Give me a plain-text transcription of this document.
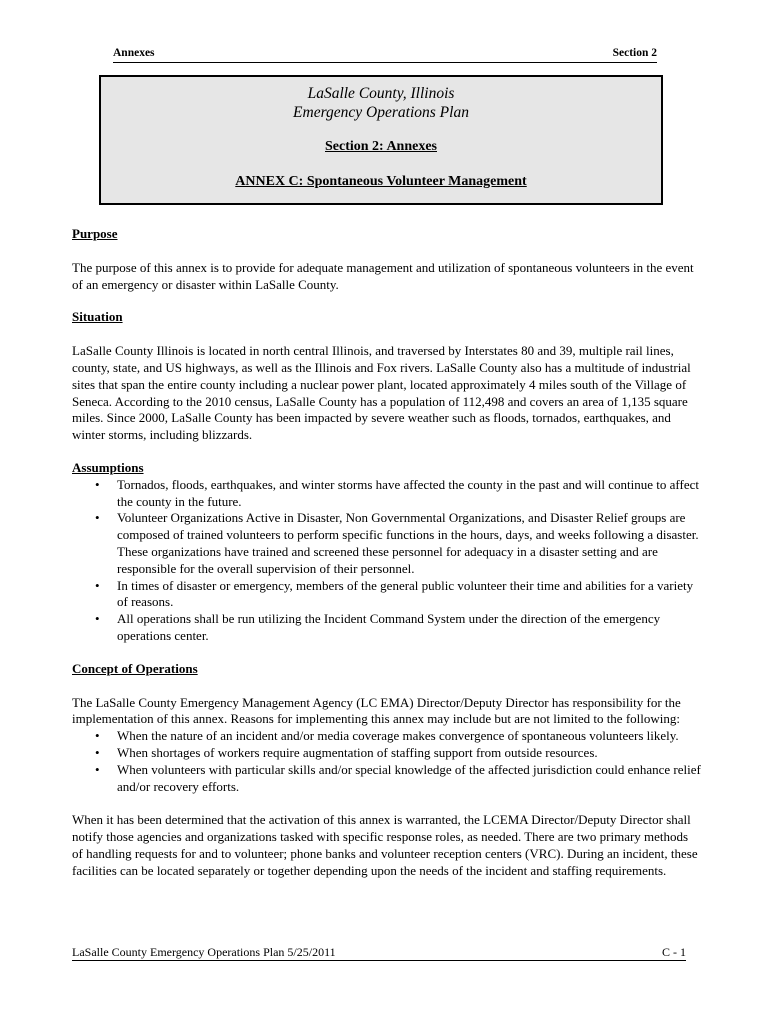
Annexes	Section 2
LaSalle County, Illinois
Emergency Operations Plan
Section 2: Annexes
ANNEX C: Spontaneous Volunteer Management

Purpose

The purpose of this annex is to provide for adequate management and utilization of spontaneous volunteers in the event of an emergency or disaster within LaSalle County.

Situation

LaSalle County Illinois is located in north central Illinois, and traversed by Interstates 80 and 39, multiple rail lines, county, state, and US highways, as well as the Illinois and Fox rivers. LaSalle County also has a multitude of industrial sites that span the entire county including a nuclear power plant, located approximately 4 miles south of the Village of Seneca. According to the 2010 census, LaSalle County has a population of 112,498 and covers an area of 1,135 square miles. Since 2000, LaSalle County has been impacted by severe weather such as floods, tornados, earthquakes, and winter storms, including blizzards.

Assumptions

• Tornados, floods, earthquakes, and winter storms have affected the county in the past and will continue to affect the county in the future.
• Volunteer Organizations Active in Disaster, Non Governmental Organizations, and Disaster Relief groups are composed of trained volunteers to perform specific functions in the hours, days, and weeks following a disaster. These organizations have trained and screened these personnel for adequacy in a disaster setting and are responsible for the overall supervision of their personnel.
• In times of disaster or emergency, members of the general public volunteer their time and abilities for a variety of reasons.
• All operations shall be run utilizing the Incident Command System under the direction of the emergency operations center.

Concept of Operations

The LaSalle County Emergency Management Agency (LC EMA) Director/Deputy Director has responsibility for the implementation of this annex. Reasons for implementing this annex may include but are not limited to the following:

• When the nature of an incident and/or media coverage makes convergence of spontaneous volunteers likely.
• When shortages of workers require augmentation of staffing support from outside resources.
• When volunteers with particular skills and/or special knowledge of the affected jurisdiction could enhance relief and/or recovery efforts.

When it has been determined that the activation of this annex is warranted, the LCEMA Director/Deputy Director shall notify those agencies and organizations tasked with specific response roles, as needed. There are two primary methods of handling requests for and to volunteer; phone banks and volunteer reception centers (VRC). During an incident, these facilities can be located separately or together depending upon the needs of the incident and staffing requirements.

LaSalle County Emergency Operations Plan 5/25/2011	C - 1
